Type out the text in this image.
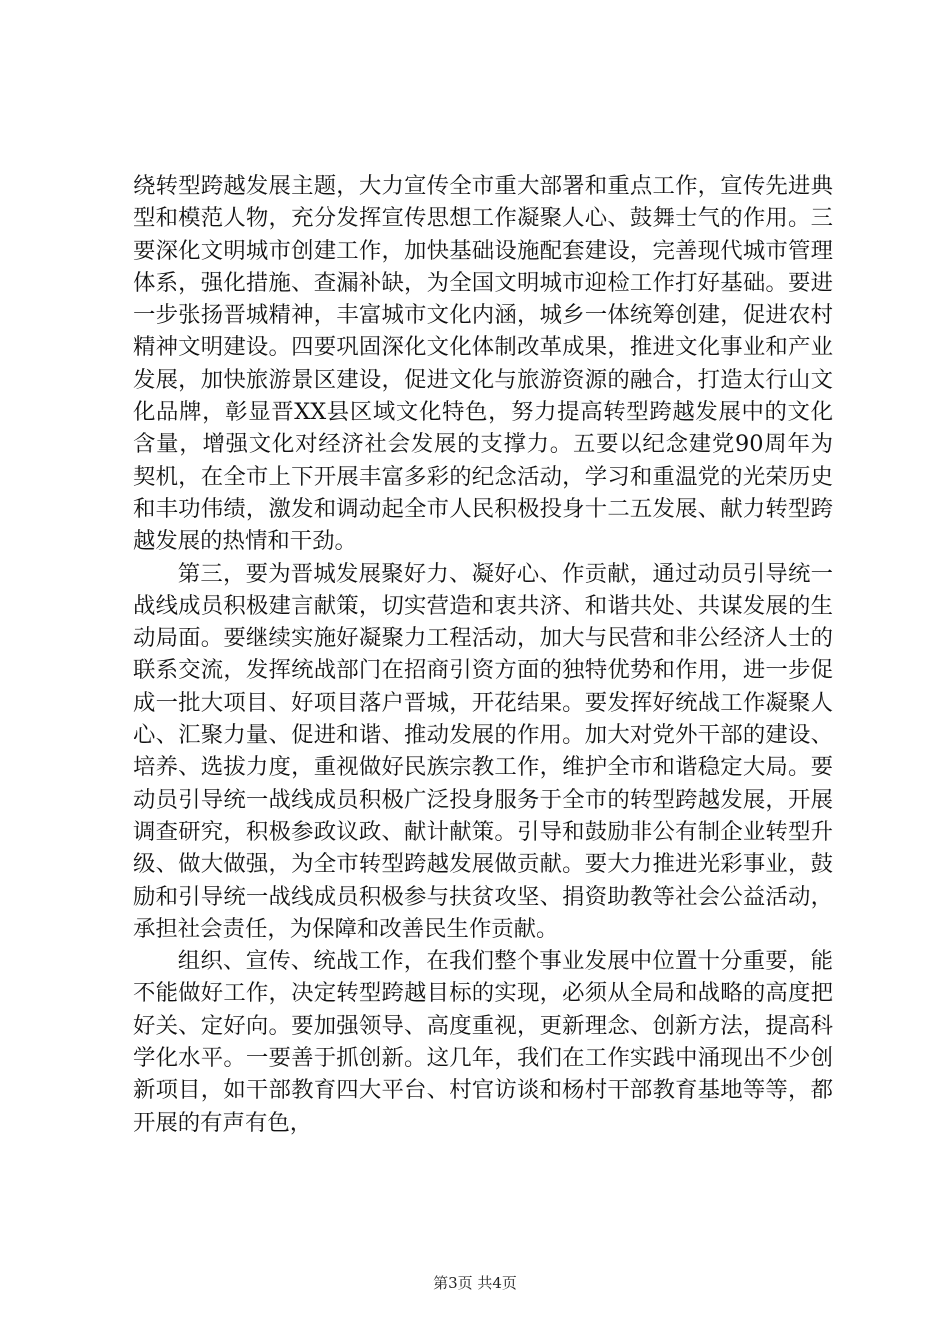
绕转型跨越发展主题，大力宣传全市重大部署和重点工作，宣传先进典型和模范人物，充分发挥宣传思想工作凝聚人心、鼓舞士气的作用。三要深化文明城市创建工作，加快基础设施配套建设，完善现代城市管理体系，强化措施、查漏补缺，为全国文明城市迎检工作打好基础。要进一步张扬晋城精神，丰富城市文化内涵，城乡一体统筹创建，促进农村精神文明建设。四要巩固深化文化体制改革成果，推进文化事业和产业发展，加快旅游景区建设，促进文化与旅游资源的融合，打造太行山文化品牌，彰显晋XX县区域文化特色，努力提高转型跨越发展中的文化含量，增强文化对经济社会发展的支撑力。五要以纪念建党90周年为契机，在全市上下开展丰富多彩的纪念活动，学习和重温党的光荣历史和丰功伟绩，激发和调动起全市人民积极投身十二五发展、献力转型跨越发展的热情和干劲。

第三，要为晋城发展聚好力、凝好心、作贡献，通过动员引导统一战线成员积极建言献策，切实营造和衷共济、和谐共处、共谋发展的生动局面。要继续实施好凝聚力工程活动，加大与民营和非公经济人士的联系交流，发挥统战部门在招商引资方面的独特优势和作用，进一步促成一批大项目、好项目落户晋城，开花结果。要发挥好统战工作凝聚人心、汇聚力量、促进和谐、推动发展的作用。加大对党外干部的建设、培养、选拔力度，重视做好民族宗教工作，维护全市和谐稳定大局。要动员引导统一战线成员积极广泛投身服务于全市的转型跨越发展，开展调查研究，积极参政议政、献计献策。引导和鼓励非公有制企业转型升级、做大做强，为全市转型跨越发展做贡献。要大力推进光彩事业，鼓励和引导统一战线成员积极参与扶贫攻坚、捐资助教等社会公益活动，承担社会责任，为保障和改善民生作贡献。

组织、宣传、统战工作，在我们整个事业发展中位置十分重要，能不能做好工作，决定转型跨越目标的实现，必须从全局和战略的高度把好关、定好向。要加强领导、高度重视，更新理念、创新方法，提高科学化水平。一要善于抓创新。这几年，我们在工作实践中涌现出不少创新项目，如干部教育四大平台、村官访谈和杨村干部教育基地等等，都开展的有声有色，

第3页 共4页
